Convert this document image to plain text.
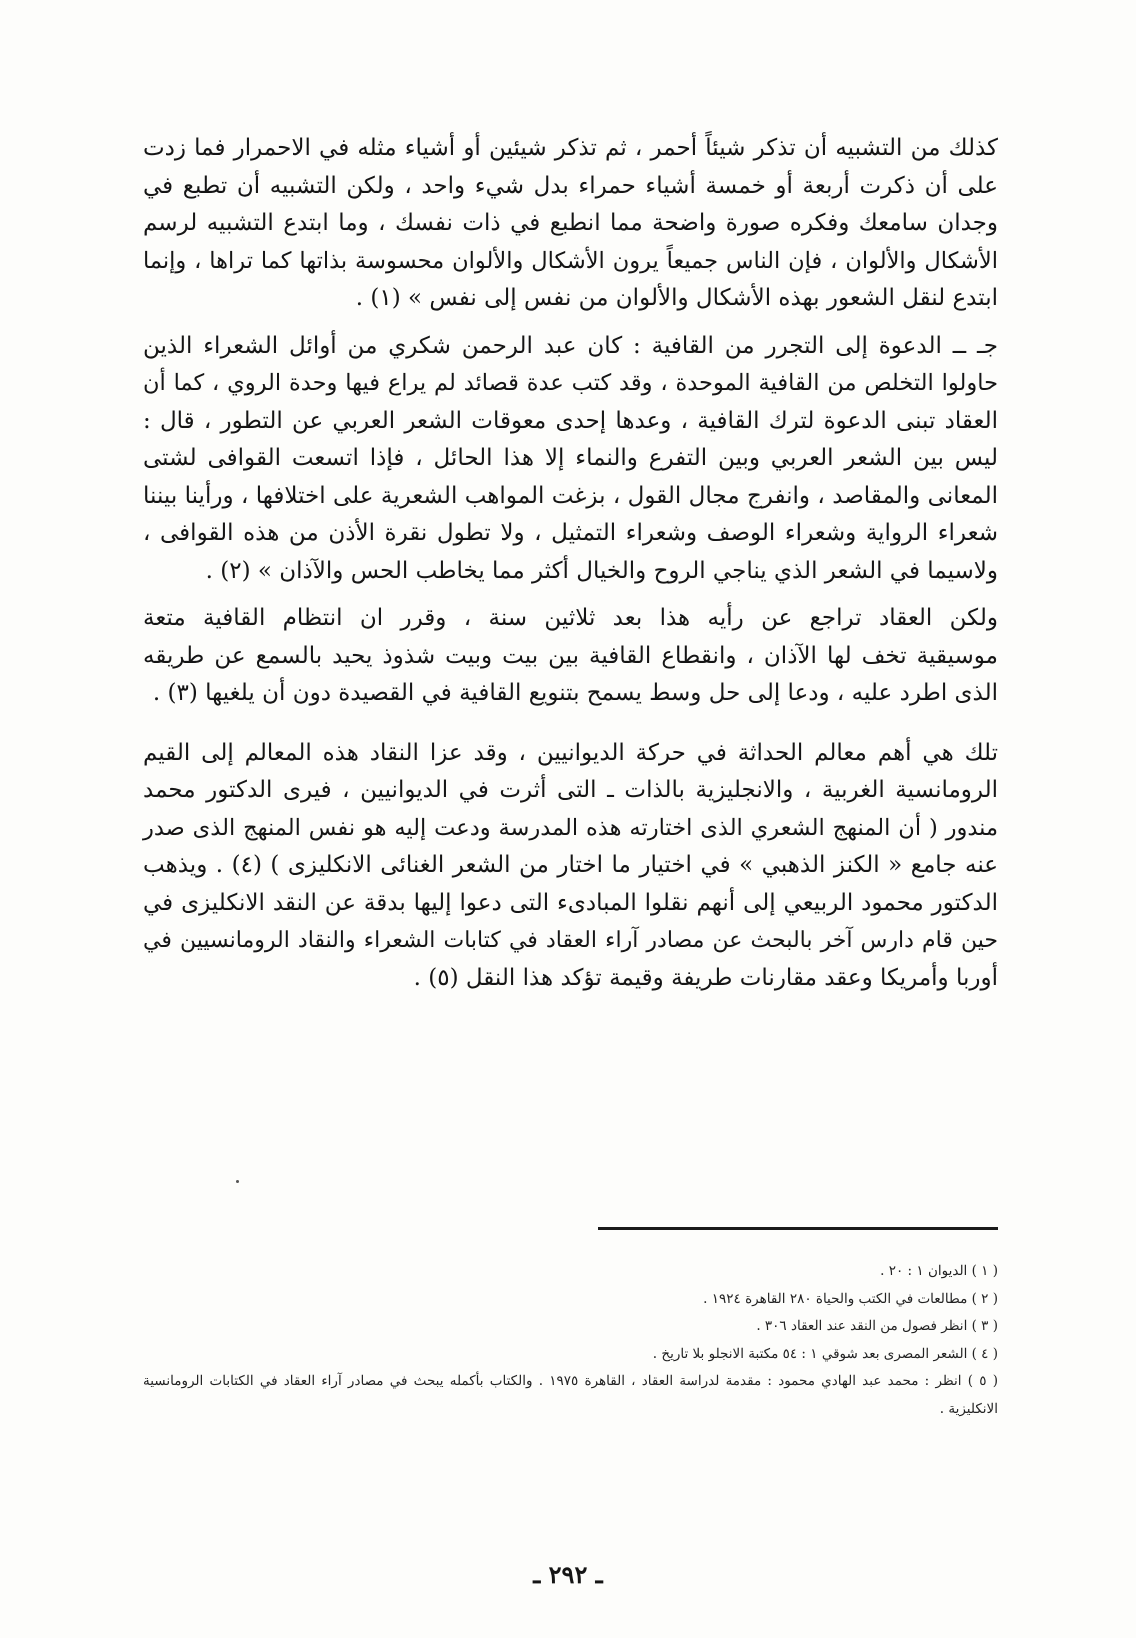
كذلك من التشبيه أن تذكر شيئاً أحمر ، ثم تذكر شيئين أو أشياء مثله في الاحمرار فما زدت
على أن ذكرت أربعة أو خمسة أشياء حمراء بدل شيء واحد ، ولكن التشبيه أن تطبع في
وجدان سامعك وفكره صورة واضحة مما انطبع في ذات نفسك ، وما ابتدع التشبيه لرسم
الأشكال والألوان ، فإن الناس جميعاً يرون الأشكال والألوان محسوسة بذاتها كما تراها ، وإنما
ابتدع لنقل الشعور بهذه الأشكال والألوان من نفس إلى نفس » (١) .

جـ ــ الدعوة إلى التجرر من القافية : كان عبد الرحمن شكري من أوائل الشعراء الذين
حاولوا التخلص من القافية الموحدة ، وقد كتب عدة قصائد لم يراع فيها وحدة الروي ، كما أن
العقاد تبنى الدعوة لترك القافية ، وعدها إحدى معوقات الشعر العربي عن التطور ، قال :
ليس بين الشعر العربي وبين التفرع والنماء إلا هذا الحائل ، فإذا اتسعت القوافى لشتى
المعانى والمقاصد ، وانفرج مجال القول ، بزغت المواهب الشعرية على اختلافها ، ورأينا بيننا
شعراء الرواية وشعراء الوصف وشعراء التمثيل ، ولا تطول نقرة الأذن من هذه القوافى ،
ولاسيما في الشعر الذي يناجي الروح والخيال أكثر مما يخاطب الحس والآذان » (٢) .

ولكن العقاد تراجع عن رأيه هذا بعد ثلاثين سنة ، وقرر ان انتظام القافية متعة
موسيقية تخف لها الآذان ، وانقطاع القافية بين بيت وبيت شذوذ يحيد بالسمع عن طريقه
الذى اطرد عليه ، ودعا إلى حل وسط يسمح بتنويع القافية في القصيدة دون أن يلغيها (٣) .

تلك هي أهم معالم الحداثة في حركة الديوانيين ، وقد عزا النقاد هذه المعالم إلى القيم
الرومانسية الغربية ، والانجليزية بالذات ـ التى أثرت في الديوانيين ، فيرى الدكتور محمد
مندور ( أن المنهج الشعري الذى اختارته هذه المدرسة ودعت إليه هو نفس المنهج الذى صدر
عنه جامع « الكنز الذهبي » في اختيار ما اختار من الشعر الغنائى الانكليزى ) (٤) . ويذهب
الدكتور محمود الربيعي إلى أنهم نقلوا المبادىء التى دعوا إليها بدقة عن النقد الانكليزى في
حين قام دارس آخر بالبحث عن مصادر آراء العقاد في كتابات الشعراء والنقاد الرومانسيين في
أوربا وأمريكا وعقد مقارنات طريفة وقيمة تؤكد هذا النقل (٥) .

( ١ ) الديوان ١ : ٢٠ .
( ٢ ) مطالعات في الكتب والحياة ٢٨٠ القاهرة ١٩٢٤ .
( ٣ ) انظر فصول من النقد عند العقاد ٣٠٦ .
( ٤ ) الشعر المصرى بعد شوقي ١ : ٥٤ مكتبة الانجلو بلا تاريخ .
( ٥ ) انظر : محمد عبد الهادي محمود : مقدمة لدراسة العقاد ، القاهرة ١٩٧٥ . والكتاب بأكمله يبحث في مصادر آراء العقاد في الكتابات الرومانسية الانكليزية .
ـ ٢٩٢ ـ
